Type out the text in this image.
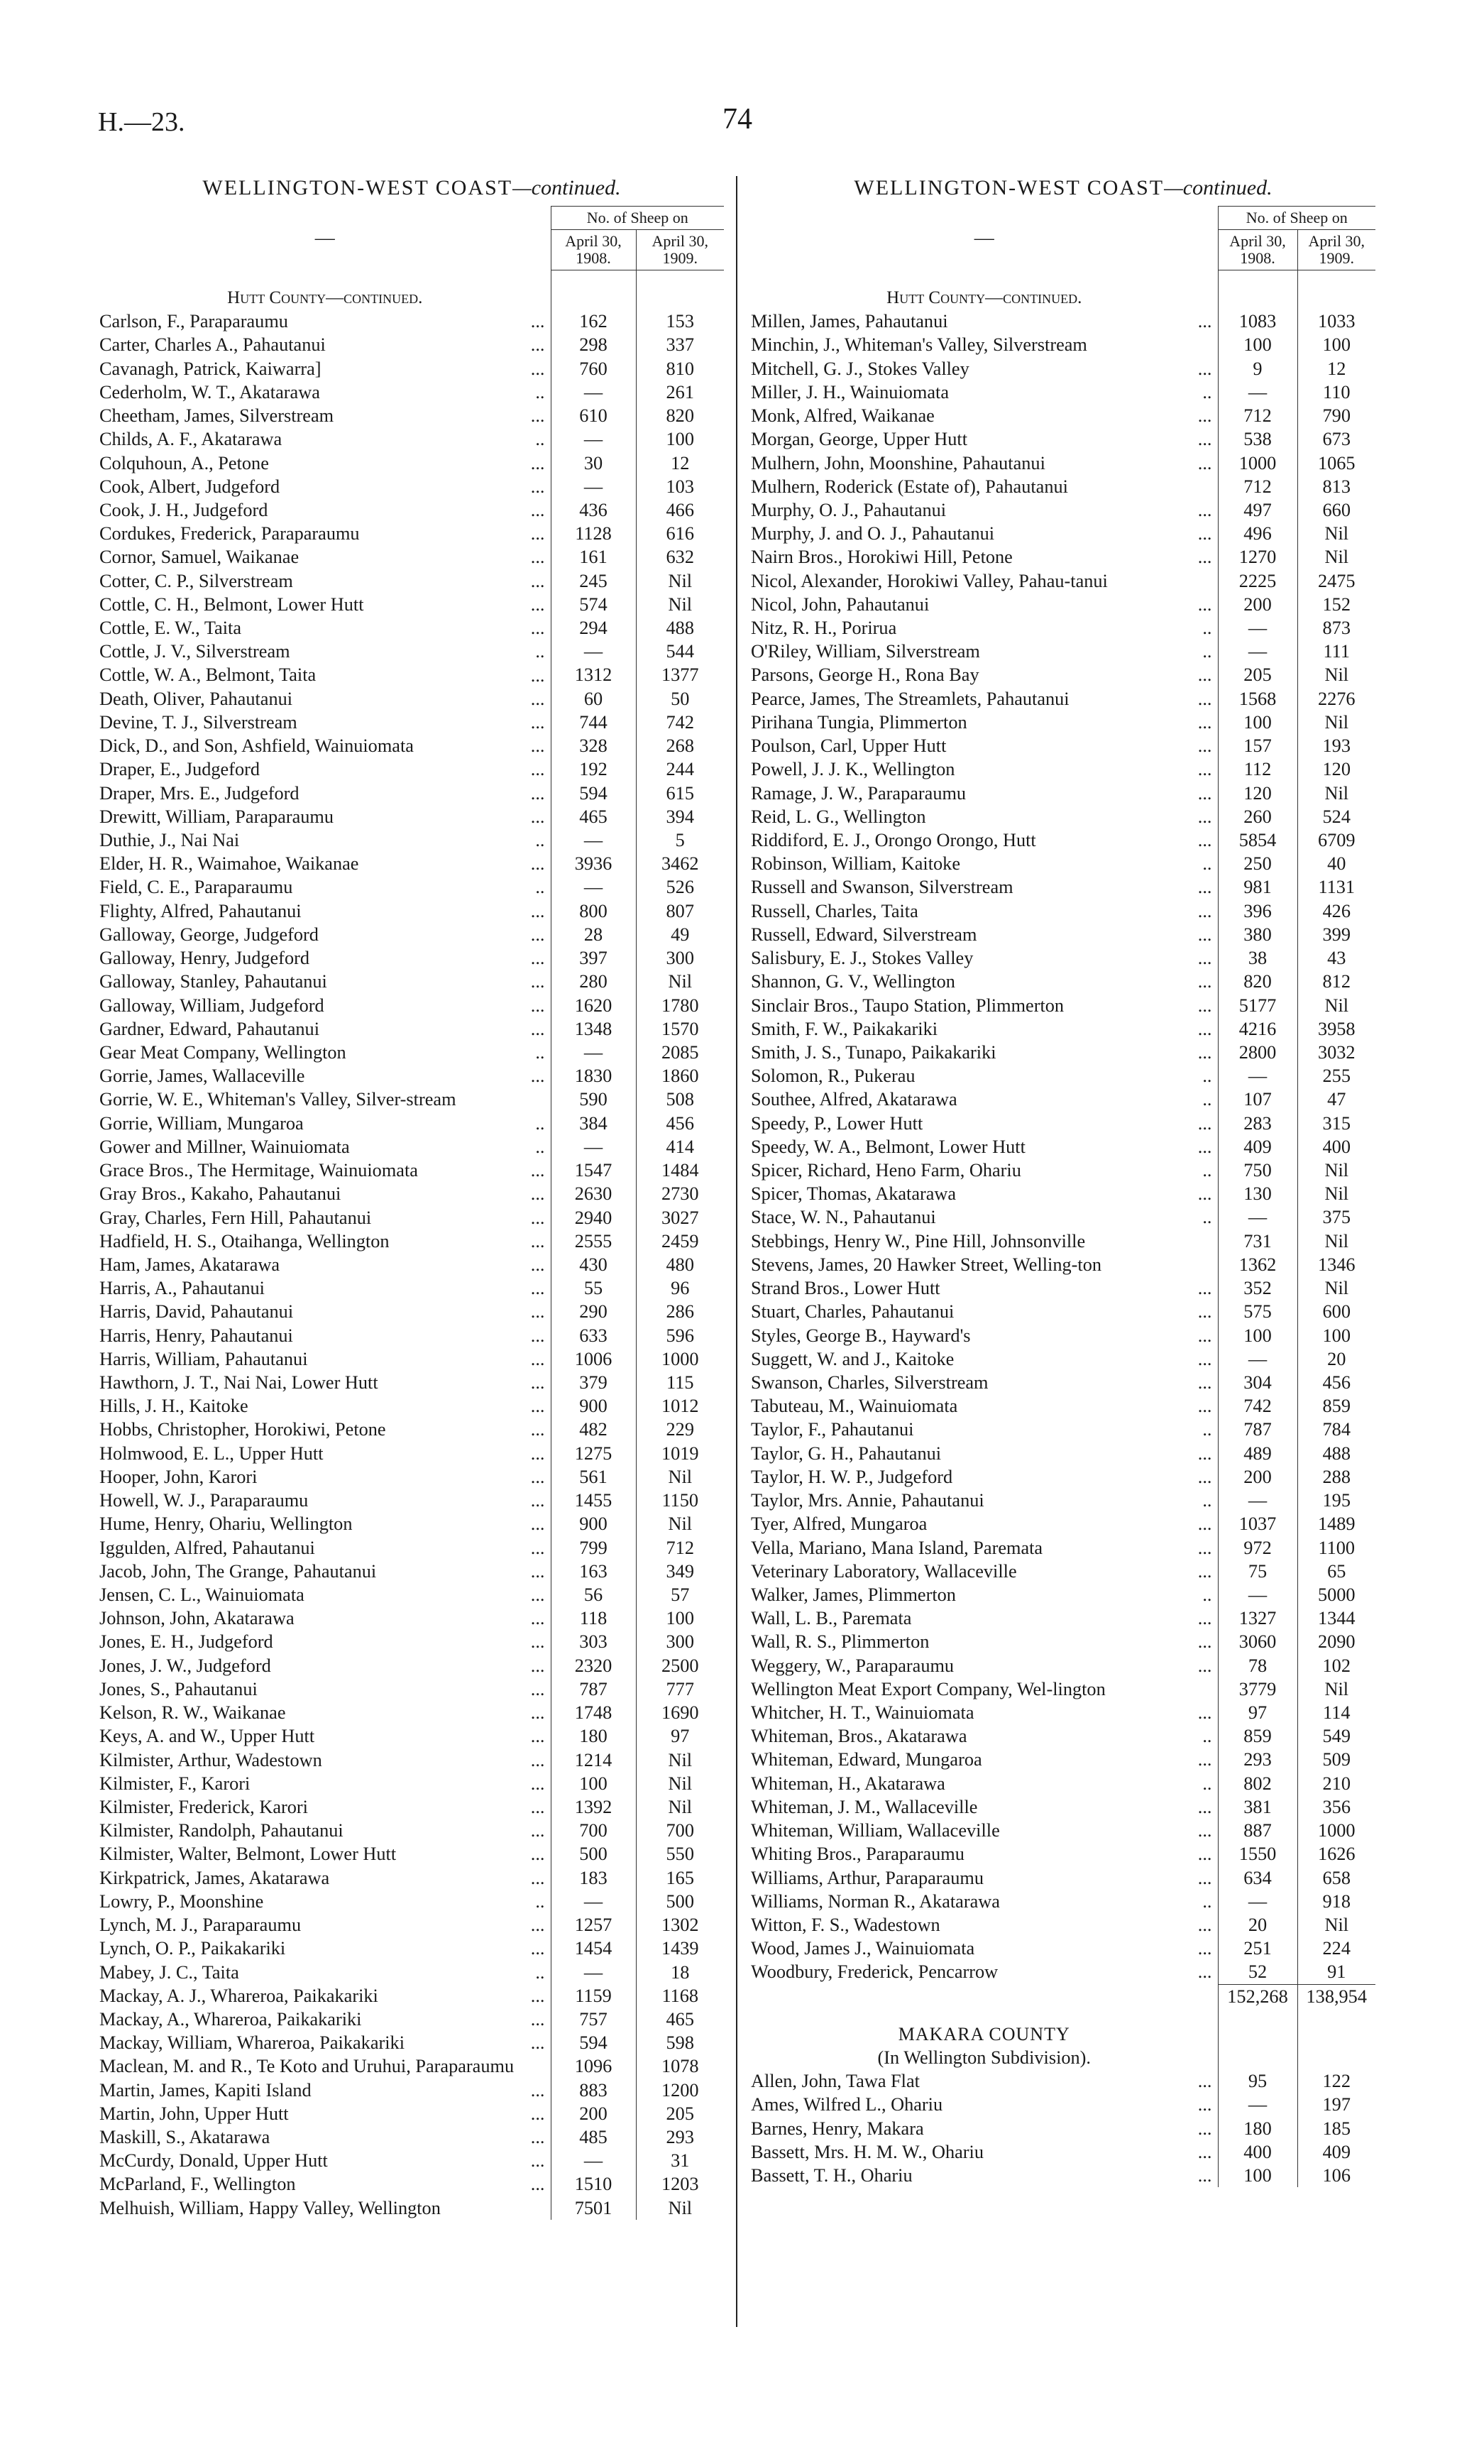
H.—23.	74
WELLINGTON-WEST COAST—continued.
—	No. of Sheep on	
	April 30, 1908.	April 30, 1909.

Hutt County—continued.		

Carlson, F., Paraparaumu ...	162	153

Carter, Charles A., Pahautanui ...	298	337

Cavanagh, Patrick, Kaiwarra] ...	760	810

Cederholm, W. T., Akatarawa ..	—	261

Cheetham, James, Silverstream ...	610	820

Childs, A. F., Akatarawa ..	—	100

Colquhoun, A., Petone ...	30	12

Cook, Albert, Judgeford ...	—	103

Cook, J. H., Judgeford ...	436	466

Cordukes, Frederick, Paraparaumu ...	1128	616

Cornor, Samuel, Waikanae ...	161	632

Cotter, C. P., Silverstream ...	245	Nil

Cottle, C. H., Belmont, Lower Hutt ...	574	Nil

Cottle, E. W., Taita ...	294	488

Cottle, J. V., Silverstream ..	—	544

Cottle, W. A., Belmont, Taita ...	1312	1377

Death, Oliver, Pahautanui ...	60	50

Devine, T. J., Silverstream ...	744	742

Dick, D., and Son, Ashfield, Wainuiomata ...	328	268

Draper, E., Judgeford ...	192	244

Draper, Mrs. E., Judgeford ...	594	615

Drewitt, William, Paraparaumu ...	465	394

Duthie, J., Nai Nai ..	—	5

Elder, H. R., Waimahoe, Waikanae ...	3936	3462

Field, C. E., Paraparaumu ..	—	526

Flighty, Alfred, Pahautanui ...	800	807

Galloway, George, Judgeford ...	28	49

Galloway, Henry, Judgeford ...	397	300

Galloway, Stanley, Pahautanui ...	280	Nil

Galloway, William, Judgeford ...	1620	1780

Gardner, Edward, Pahautanui ...	1348	1570

Gear Meat Company, Wellington ..	—	2085

Gorrie, James, Wallaceville ...	1830	1860

Gorrie, W. E., Whiteman's Valley, Silver-stream	590	508

Gorrie, William, Mungaroa ..	384	456

Gower and Millner, Wainuiomata ..	—	414

Grace Bros., The Hermitage, Wainuiomata ...	1547	1484

Gray Bros., Kakaho, Pahautanui ...	2630	2730

Gray, Charles, Fern Hill, Pahautanui ...	2940	3027

Hadfield, H. S., Otaihanga, Wellington ...	2555	2459

Ham, James, Akatarawa ...	430	480

Harris, A., Pahautanui ...	55	96

Harris, David, Pahautanui ...	290	286

Harris, Henry, Pahautanui ...	633	596

Harris, William, Pahautanui ...	1006	1000

Hawthorn, J. T., Nai Nai, Lower Hutt ...	379	115

Hills, J. H., Kaitoke ...	900	1012

Hobbs, Christopher, Horokiwi, Petone ...	482	229

Holmwood, E. L., Upper Hutt ...	1275	1019

Hooper, John, Karori ...	561	Nil

Howell, W. J., Paraparaumu ...	1455	1150

Hume, Henry, Ohariu, Wellington ...	900	Nil

Iggulden, Alfred, Pahautanui ...	799	712

Jacob, John, The Grange, Pahautanui ...	163	349

Jensen, C. L., Wainuiomata ...	56	57

Johnson, John, Akatarawa ...	118	100

Jones, E. H., Judgeford ...	303	300

Jones, J. W., Judgeford ...	2320	2500

Jones, S., Pahautanui ...	787	777

Kelson, R. W., Waikanae ...	1748	1690

Keys, A. and W., Upper Hutt ...	180	97

Kilmister, Arthur, Wadestown ...	1214	Nil

Kilmister, F., Karori ...	100	Nil

Kilmister, Frederick, Karori ...	1392	Nil

Kilmister, Randolph, Pahautanui ...	700	700

Kilmister, Walter, Belmont, Lower Hutt ...	500	550

Kirkpatrick, James, Akatarawa ...	183	165

Lowry, P., Moonshine ..	—	500

Lynch, M. J., Paraparaumu ...	1257	1302

Lynch, O. P., Paikakariki ...	1454	1439

Mabey, J. C., Taita ..	—	18

Mackay, A. J., Whareroa, Paikakariki ...	1159	1168

Mackay, A., Whareroa, Paikakariki ...	757	465

Mackay, William, Whareroa, Paikakariki ...	594	598

Maclean, M. and R., Te Koto and Uruhui, Paraparaumu	1096	1078

Martin, James, Kapiti Island ...	883	1200

Martin, John, Upper Hutt ...	200	205

Maskill, S., Akatarawa ...	485	293

McCurdy, Donald, Upper Hutt ...	—	31

McParland, F., Wellington ...	1510	1203

Melhuish, William, Happy Valley, Wellington	7501	Nil
WELLINGTON-WEST COAST—continued.
—	No. of Sheep on	
	April 30, 1908.	April 30, 1909.

Hutt County—continued.		

Millen, James, Pahautanui ...	1083	1033

Minchin, J., Whiteman's Valley, Silverstream	100	100

Mitchell, G. J., Stokes Valley ...	9	12

Miller, J. H., Wainuiomata ..	—	110

Monk, Alfred, Waikanae ...	712	790

Morgan, George, Upper Hutt ...	538	673

Mulhern, John, Moonshine, Pahautanui ...	1000	1065

Mulhern, Roderick (Estate of), Pahautanui	712	813

Murphy, O. J., Pahautanui ...	497	660

Murphy, J. and O. J., Pahautanui ...	496	Nil

Nairn Bros., Horokiwi Hill, Petone ...	1270	Nil

Nicol, Alexander, Horokiwi Valley, Pahau-tanui	2225	2475

Nicol, John, Pahautanui ...	200	152

Nitz, R. H., Porirua ..	—	873

O'Riley, William, Silverstream ..	—	111

Parsons, George H., Rona Bay ...	205	Nil

Pearce, James, The Streamlets, Pahautanui ...	1568	2276

Pirihana Tungia, Plimmerton ...	100	Nil

Poulson, Carl, Upper Hutt ...	157	193

Powell, J. J. K., Wellington ...	112	120

Ramage, J. W., Paraparaumu ...	120	Nil

Reid, L. G., Wellington ...	260	524

Riddiford, E. J., Orongo Orongo, Hutt ...	5854	6709

Robinson, William, Kaitoke ..	250	40

Russell and Swanson, Silverstream ...	981	1131

Russell, Charles, Taita ...	396	426

Russell, Edward, Silverstream ...	380	399

Salisbury, E. J., Stokes Valley ...	38	43

Shannon, G. V., Wellington ...	820	812

Sinclair Bros., Taupo Station, Plimmerton ...	5177	Nil

Smith, F. W., Paikakariki ...	4216	3958

Smith, J. S., Tunapo, Paikakariki ...	2800	3032

Solomon, R., Pukerau ..	—	255

Southee, Alfred, Akatarawa ..	107	47

Speedy, P., Lower Hutt ...	283	315

Speedy, W. A., Belmont, Lower Hutt ...	409	400

Spicer, Richard, Heno Farm, Ohariu ..	750	Nil

Spicer, Thomas, Akatarawa ...	130	Nil

Stace, W. N., Pahautanui ..	—	375

Stebbings, Henry W., Pine Hill, Johnsonville	731	Nil

Stevens, James, 20 Hawker Street, Welling-ton	1362	1346

Strand Bros., Lower Hutt ...	352	Nil

Stuart, Charles, Pahautanui ...	575	600

Styles, George B., Hayward's ...	100	100

Suggett, W. and J., Kaitoke ...	—	20

Swanson, Charles, Silverstream ...	304	456

Tabuteau, M., Wainuiomata ...	742	859

Taylor, F., Pahautanui ..	787	784

Taylor, G. H., Pahautanui ...	489	488

Taylor, H. W. P., Judgeford ...	200	288

Taylor, Mrs. Annie, Pahautanui ..	—	195

Tyer, Alfred, Mungaroa ...	1037	1489

Vella, Mariano, Mana Island, Paremata ...	972	1100

Veterinary Laboratory, Wallaceville ...	75	65

Walker, James, Plimmerton ..	—	5000

Wall, L. B., Paremata ...	1327	1344

Wall, R. S., Plimmerton ...	3060	2090

Weggery, W., Paraparaumu ...	78	102

Wellington Meat Export Company, Wel-lington	3779	Nil

Whitcher, H. T., Wainuiomata ...	97	114

Whiteman, Bros., Akatarawa ..	859	549

Whiteman, Edward, Mungaroa ...	293	509

Whiteman, H., Akatarawa ..	802	210

Whiteman, J. M., Wallaceville ...	381	356

Whiteman, William, Wallaceville ...	887	1000

Whiting Bros., Paraparaumu ...	1550	1626

Williams, Arthur, Paraparaumu ...	634	658

Williams, Norman R., Akatarawa ..	—	918

Witton, F. S., Wadestown ...	20	Nil

Wood, James J., Wainuiomata ...	251	224

Woodbury, Frederick, Pencarrow ...	52	91
	152,268	138,954
MAKARA COUNTY		
(In Wellington Subdivision).		

Allen, John, Tawa Flat ...	95	122

Ames, Wilfred L., Ohariu ...	—	197

Barnes, Henry, Makara ...	180	185

Bassett, Mrs. H. M. W., Ohariu ...	400	409

Bassett, T. H., Ohariu ...	100	106
